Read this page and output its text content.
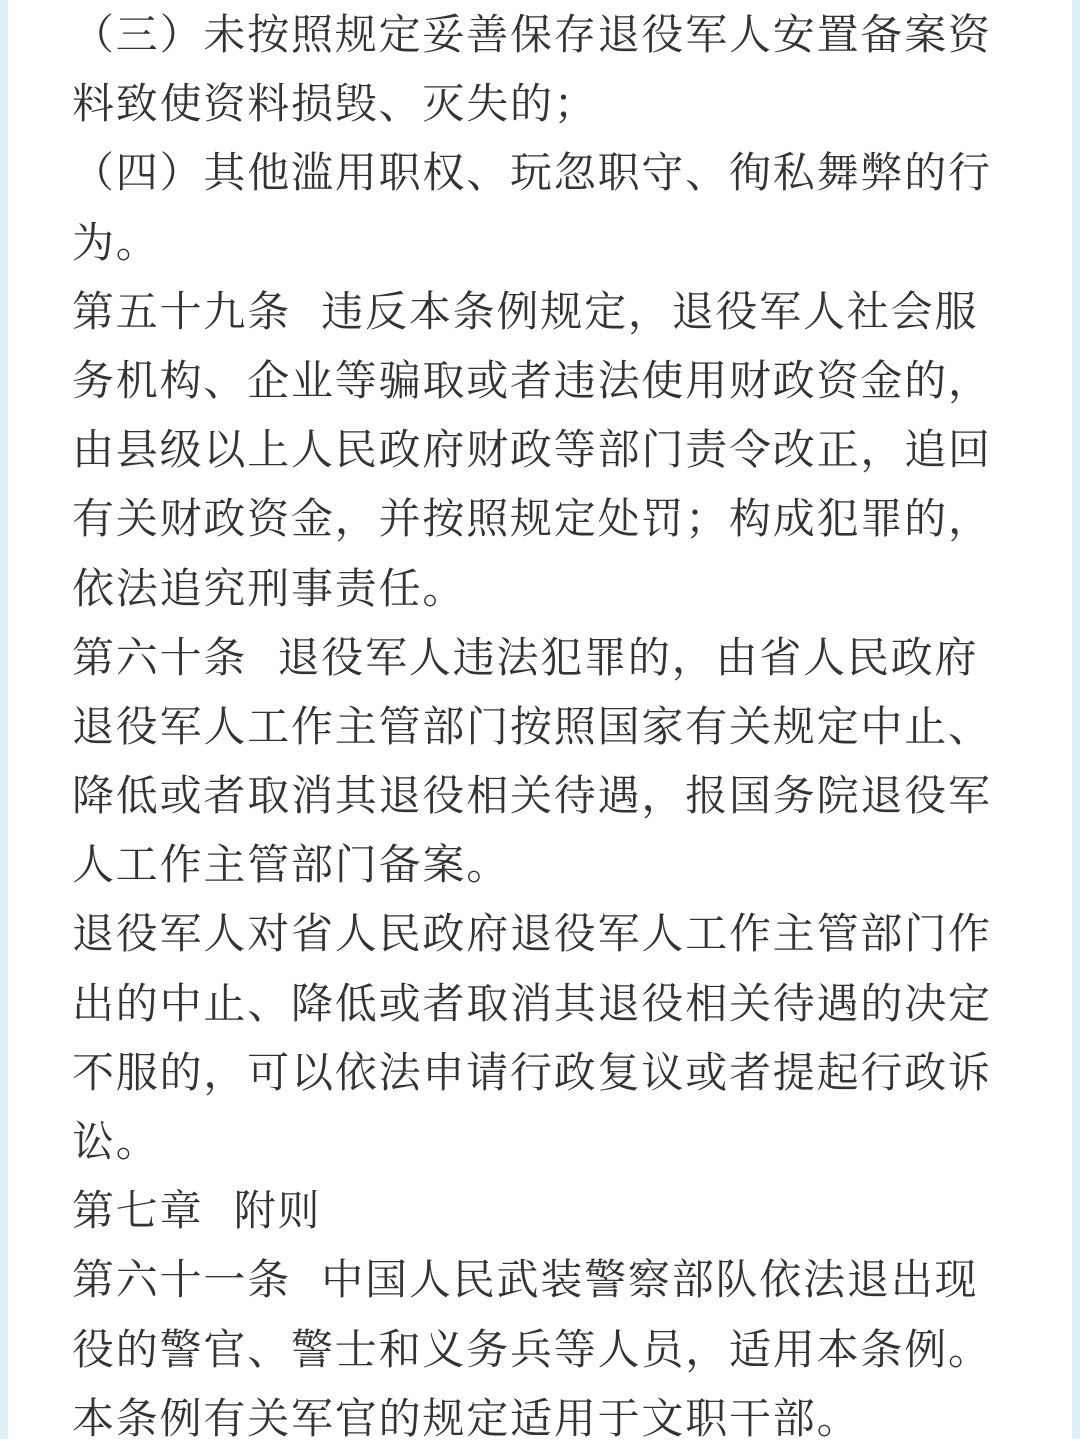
（三）未按照规定妥善保存退役军人安置备案资
料致使资料损毁、灭失的；
（四）其他滥用职权、玩忽职守、徇私舞弊的行
为。
第五十九条  违反本条例规定，退役军人社会服
务机构、企业等骗取或者违法使用财政资金的，
由县级以上人民政府财政等部门责令改正，追回
有关财政资金，并按照规定处罚；构成犯罪的，
依法追究刑事责任。
第六十条  退役军人违法犯罪的，由省人民政府
退役军人工作主管部门按照国家有关规定中止、
降低或者取消其退役相关待遇，报国务院退役军
人工作主管部门备案。
退役军人对省人民政府退役军人工作主管部门作
出的中止、降低或者取消其退役相关待遇的决定
不服的，可以依法申请行政复议或者提起行政诉
讼。
第七章  附则
第六十一条  中国人民武装警察部队依法退出现
役的警官、警士和义务兵等人员，适用本条例。
本条例有关军官的规定适用于文职干部。
